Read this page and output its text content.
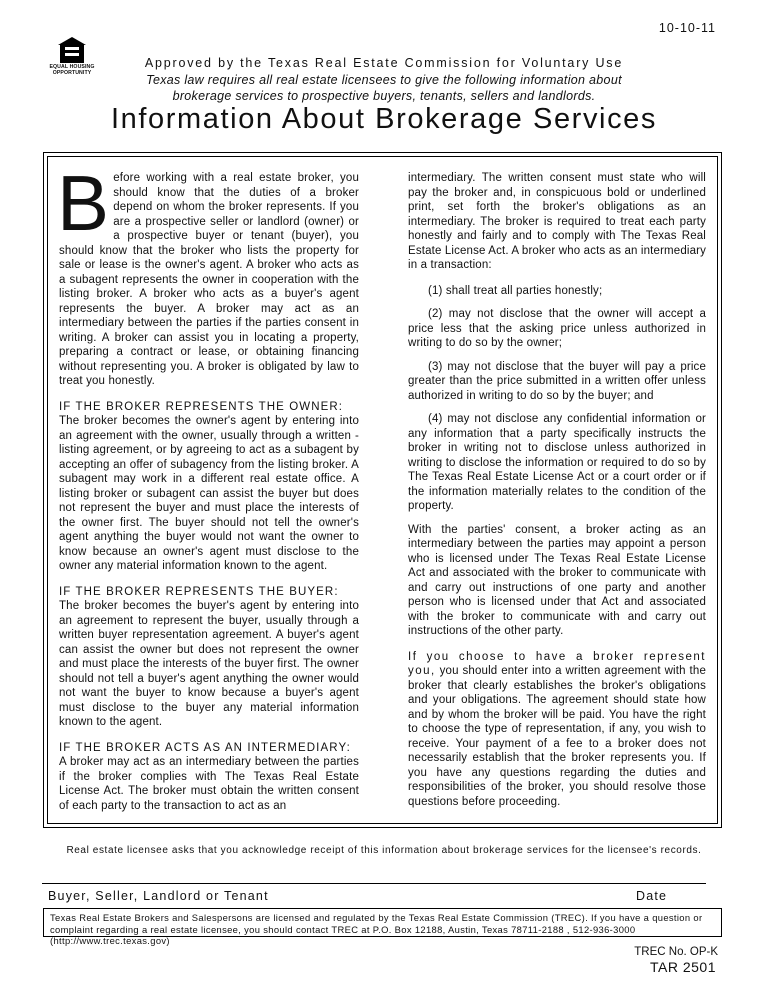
10-10-11
EQUAL HOUSING
OPPORTUNITY
Approved by the Texas Real Estate Commission for Voluntary Use
Texas law requires all real estate licensees to give the following information about
brokerage services to prospective buyers, tenants, sellers and landlords.
Information About Brokerage Services

Before working with a real estate broker, you should know that the duties of a broker depend on whom the broker represents. If you are a prospective seller or landlord (owner) or a prospective buyer or tenant (buyer), you should know that the broker who lists the property for sale or lease is the owner's agent. A broker who acts as a subagent represents the owner in cooperation with the listing broker. A broker who acts as a buyer's agent represents the buyer. A broker may act as an intermediary between the parties if the parties consent in writing. A broker can assist you in locating a property, preparing a contract or lease, or obtaining financing without representing you. A broker is obligated by law to treat you honestly.

IF THE BROKER REPRESENTS THE OWNER:
The broker becomes the owner's agent by entering into an agreement with the owner, usually through a written - listing agreement, or by agreeing to act as a subagent by accepting an offer of subagency from the listing broker. A subagent may work in a different real estate office. A listing broker or subagent can assist the buyer but does not represent the buyer and must place the interests of the owner first. The buyer should not tell the owner's agent anything the buyer would not want the owner to know because an owner's agent must disclose to the owner any material information known to the agent.

IF THE BROKER REPRESENTS THE BUYER:
The broker becomes the buyer's agent by entering into an agreement to represent the buyer, usually through a written buyer representation agreement. A buyer's agent can assist the owner but does not represent the owner and must place the interests of the buyer first. The owner should not tell a buyer's agent anything the owner would not want the buyer to know because a buyer's agent must disclose to the buyer any material information known to the agent.

IF THE BROKER ACTS AS AN INTERMEDIARY:
A broker may act as an intermediary between the parties if the broker complies with The Texas Real Estate License Act. The broker must obtain the written consent of each party to the transaction to act as an

intermediary. The written consent must state who will pay the broker and, in conspicuous bold or underlined print, set forth the broker's obligations as an intermediary. The broker is required to treat each party honestly and fairly and to comply with The Texas Real Estate License Act. A broker who acts as an intermediary in a transaction:

(1) shall treat all parties honestly;

(2) may not disclose that the owner will accept a price less that the asking price unless authorized in writing to do so by the owner;

(3) may not disclose that the buyer will pay a price greater than the price submitted in a written offer unless authorized in writing to do so by the buyer; and

(4) may not disclose any confidential information or any information that a party specifically instructs the broker in writing not to disclose unless authorized in writing to disclose the information or required to do so by The Texas Real Estate License Act or a court order or if the information materially relates to the condition of the property.

With the parties' consent, a broker acting as an intermediary between the parties may appoint a person who is licensed under The Texas Real Estate License Act and associated with the broker to communicate with and carry out instructions of one party and another person who is licensed under that Act and associated with the broker to communicate with and carry out instructions of the other party.

If you choose to have a broker represent you, you should enter into a written agreement with the broker that clearly establishes the broker's obligations and your obligations. The agreement should state how and by whom the broker will be paid. You have the right to choose the type of representation, if any, you wish to receive. Your payment of a fee to a broker does not necessarily establish that the broker represents you. If you have any questions regarding the duties and responsibilities of the broker, you should resolve those questions before proceeding.

Real estate licensee asks that you acknowledge receipt of this information about brokerage services for the licensee's records.
Buyer, Seller, Landlord or Tenant	Date
Texas Real Estate Brokers and Salespersons are licensed and regulated by the Texas Real Estate Commission (TREC). If you have a question or complaint regarding a real estate licensee, you should contact TREC at P.O. Box 12188, Austin, Texas 78711-2188 , 512-936-3000 (http://www.trec.texas.gov)
TREC No. OP-K
TAR 2501
